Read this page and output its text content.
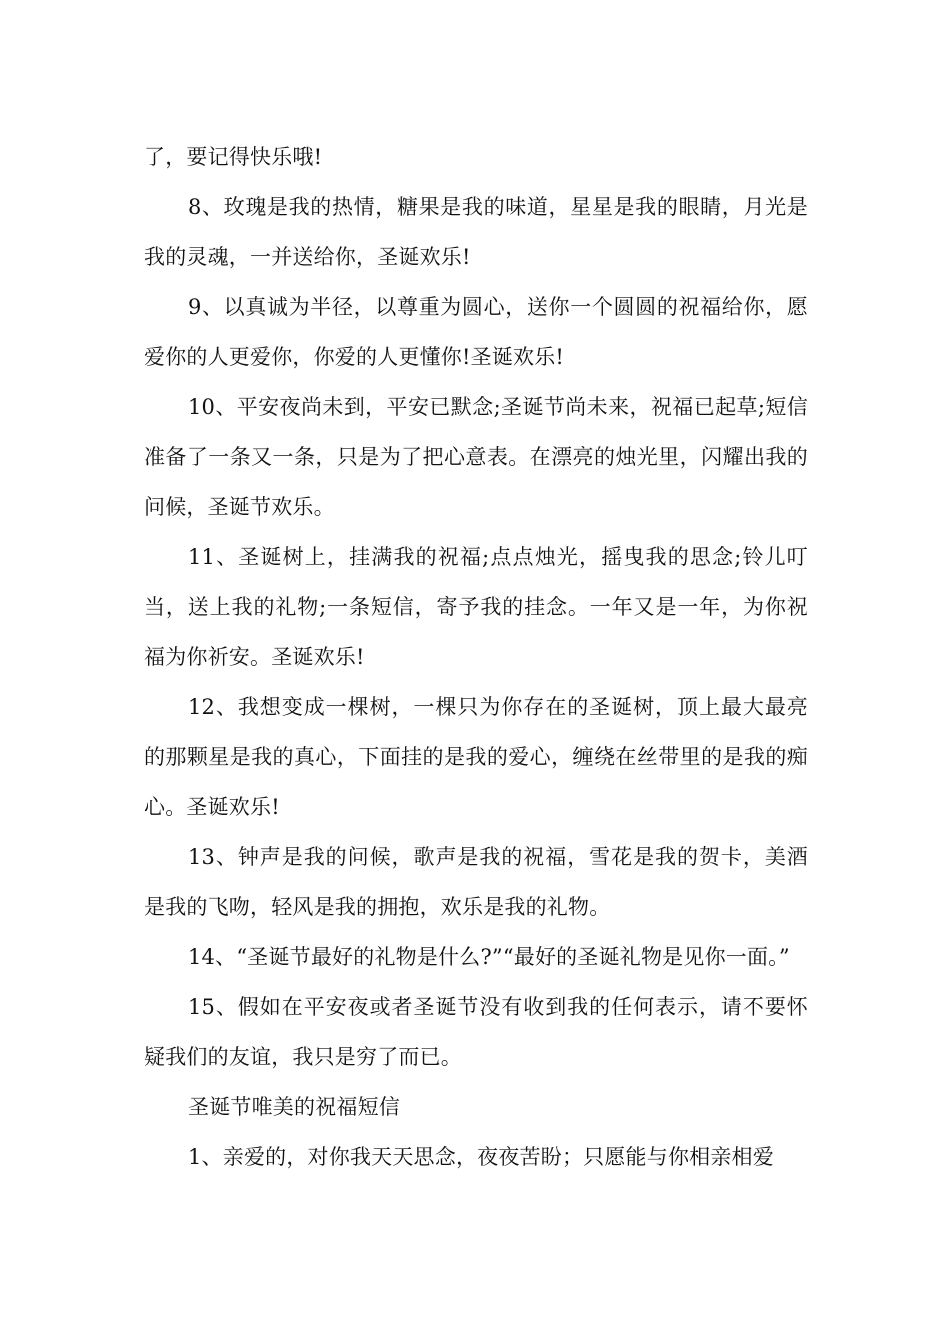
了，要记得快乐哦!

8、玫瑰是我的热情，糖果是我的味道，星星是我的眼睛，月光是我的灵魂，一并送给你，圣诞欢乐!

9、以真诚为半径，以尊重为圆心，送你一个圆圆的祝福给你，愿爱你的人更爱你，你爱的人更懂你!圣诞欢乐!

10、平安夜尚未到，平安已默念;圣诞节尚未来，祝福已起草;短信准备了一条又一条，只是为了把心意表。在漂亮的烛光里，闪耀出我的问候，圣诞节欢乐。

11、圣诞树上，挂满我的祝福;点点烛光，摇曳我的思念;铃儿叮当，送上我的礼物;一条短信，寄予我的挂念。一年又是一年，为你祝福为你祈安。圣诞欢乐!

12、我想变成一棵树，一棵只为你存在的圣诞树，顶上最大最亮的那颗星是我的真心，下面挂的是我的爱心，缠绕在丝带里的是我的痴心。圣诞欢乐!

13、钟声是我的问候，歌声是我的祝福，雪花是我的贺卡，美酒是我的飞吻，轻风是我的拥抱，欢乐是我的礼物。

14、“圣诞节最好的礼物是什么?”“最好的圣诞礼物是见你一面。”

15、假如在平安夜或者圣诞节没有收到我的任何表示，请不要怀疑我们的友谊，我只是穷了而已。

圣诞节唯美的祝福短信

1、亲爱的，对你我天天思念，夜夜苦盼；只愿能与你相亲相爱
